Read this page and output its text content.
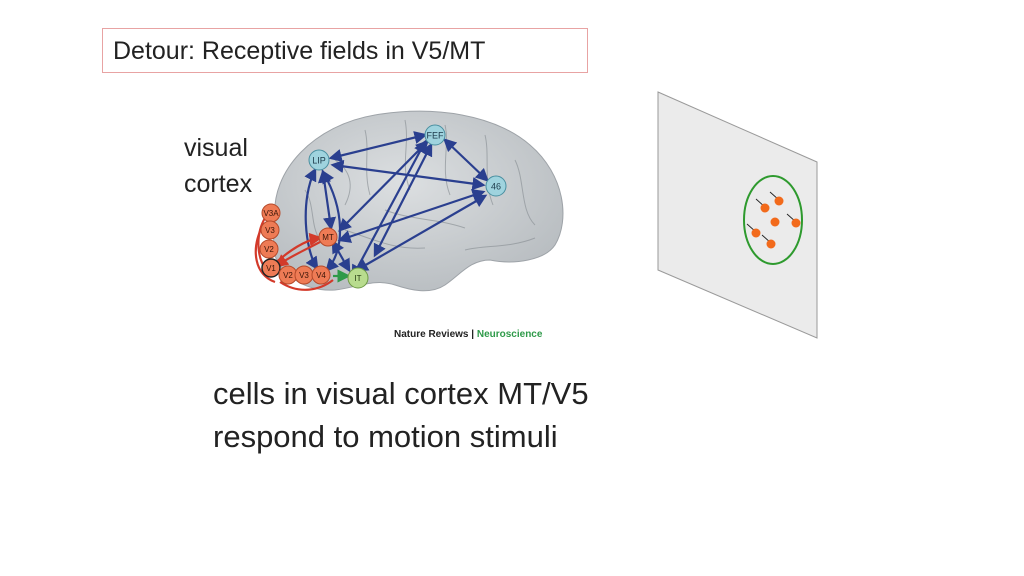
Detour: Receptive fields in V5/MT
visual
cortex
LIP
FEF
46
V3A
V3
V2
MT
V1
V2 V3 V4	IT
Nature Reviews | Neuroscience
cells in visual cortex MT/V5
respond to motion stimuli
